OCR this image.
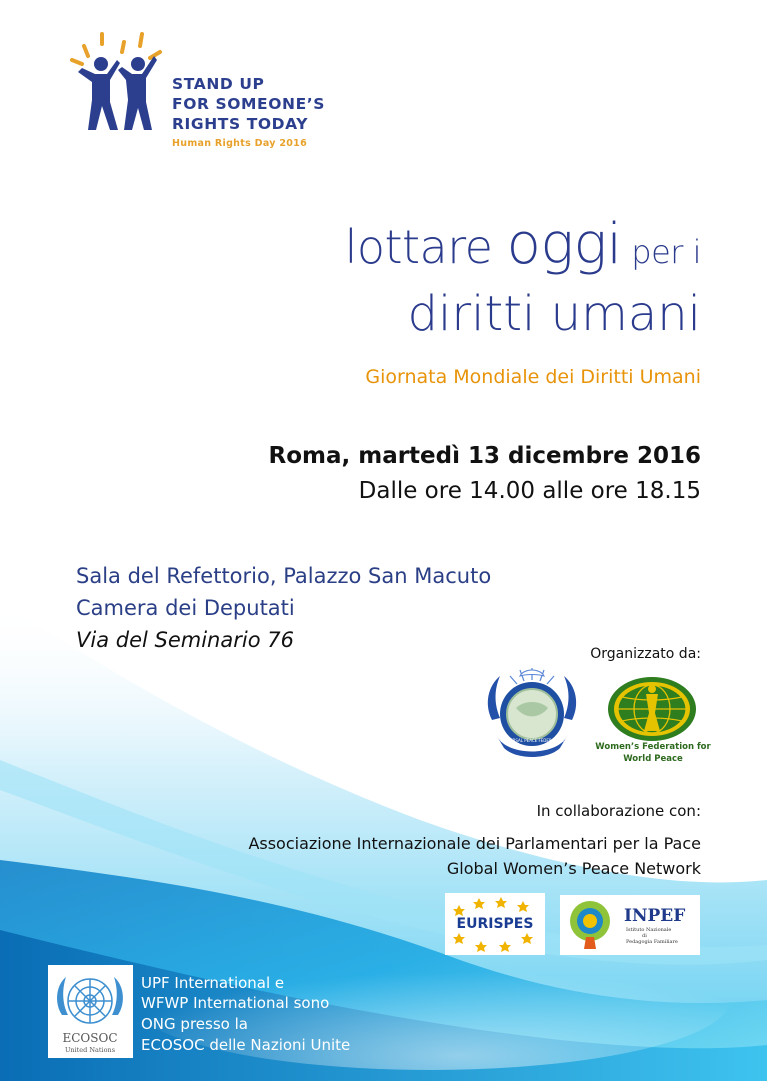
STAND UP
FOR SOMEONE’S
RIGHTS TODAY
Human Rights Day 2016
lottare oggi per i
diritti umani
Giornata Mondiale dei Diritti Umani
Roma, martedì 13 dicembre 2016
Dalle ore 14.00 alle ore 18.15
Sala del Refettorio, Palazzo San Macuto
Camera dei Deputati
Via del Seminario 76
Organizzato da:
UNIVERSAL PEACE FEDERATION
Women’s Federation for World Peace
In collaborazione con:
Associazione Internazionale dei Parlamentari per la Pace
Global Women’s Peace Network
EURISPES	INPEF
Istituto Nazionale
di
Pedagogia Familiare
ECOSOC
United Nations
UPF International e
WFWP International sono
ONG presso la
ECOSOC delle Nazioni Unite
